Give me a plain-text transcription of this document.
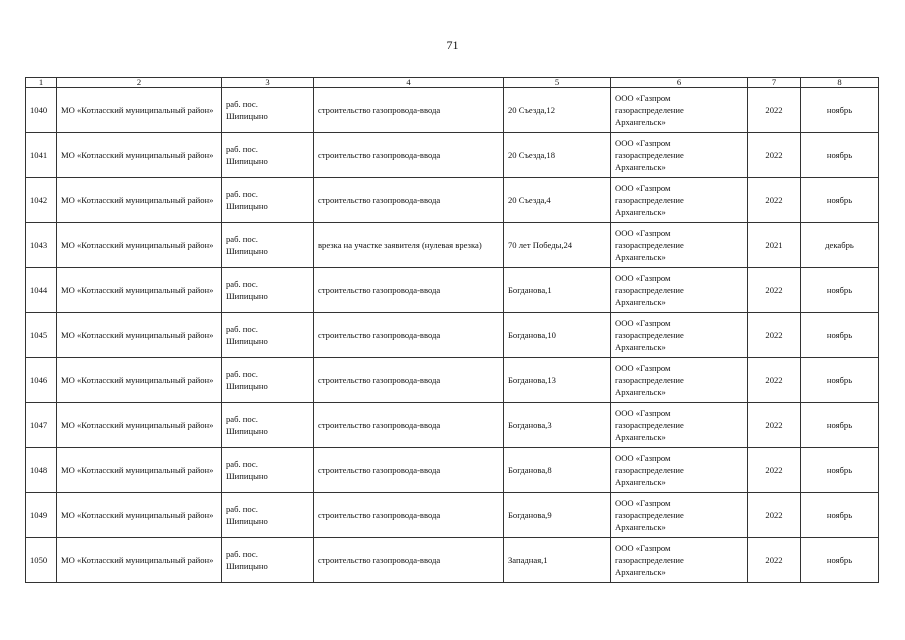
71
1	2	3	4	5	6	7	8
1040	МО «Котласский муниципальный район»	раб. пос.
Шипицыно	строительство газопровода-ввода	20 Съезда,12	ООО «Газпром
газораспределение
Архангельск»	2022	ноябрь
1041	МО «Котласский муниципальный район»	раб. пос.
Шипицыно	строительство газопровода-ввода	20 Съезда,18	ООО «Газпром
газораспределение
Архангельск»	2022	ноябрь
1042	МО «Котласский муниципальный район»	раб. пос.
Шипицыно	строительство газопровода-ввода	20 Съезда,4	ООО «Газпром
газораспределение
Архангельск»	2022	ноябрь
1043	МО «Котласский муниципальный район»	раб. пос.
Шипицыно	врезка на участке заявителя (нулевая врезка)	70 лет Победы,24	ООО «Газпром
газораспределение
Архангельск»	2021	декабрь
1044	МО «Котласский муниципальный район»	раб. пос.
Шипицыно	строительство газопровода-ввода	Богданова,1	ООО «Газпром
газораспределение
Архангельск»	2022	ноябрь
1045	МО «Котласский муниципальный район»	раб. пос.
Шипицыно	строительство газопровода-ввода	Богданова,10	ООО «Газпром
газораспределение
Архангельск»	2022	ноябрь
1046	МО «Котласский муниципальный район»	раб. пос.
Шипицыно	строительство газопровода-ввода	Богданова,13	ООО «Газпром
газораспределение
Архангельск»	2022	ноябрь
1047	МО «Котласский муниципальный район»	раб. пос.
Шипицыно	строительство газопровода-ввода	Богданова,3	ООО «Газпром
газораспределение
Архангельск»	2022	ноябрь
1048	МО «Котласский муниципальный район»	раб. пос.
Шипицыно	строительство газопровода-ввода	Богданова,8	ООО «Газпром
газораспределение
Архангельск»	2022	ноябрь
1049	МО «Котласский муниципальный район»	раб. пос.
Шипицыно	строительство газопровода-ввода	Богданова,9	ООО «Газпром
газораспределение
Архангельск»	2022	ноябрь
1050	МО «Котласский муниципальный район»	раб. пос.
Шипицыно	строительство газопровода-ввода	Западная,1	ООО «Газпром
газораспределение
Архангельск»	2022	ноябрь
